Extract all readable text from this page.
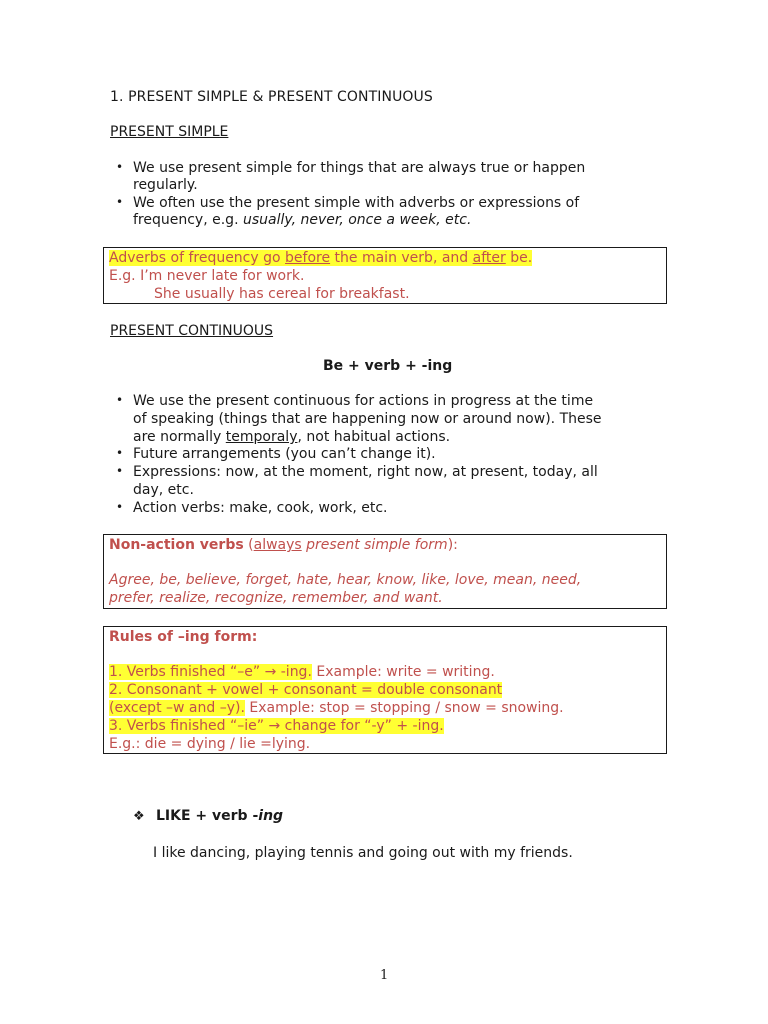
1. PRESENT SIMPLE & PRESENT CONTINUOUS
PRESENT SIMPLE
• We use present simple for things that are always true or happen
regularly.
• We often use the present simple with adverbs or expressions of
frequency, e.g. usually, never, once a week, etc.
Adverbs of frequency go before the main verb, and after be.
E.g. I’m never late for work.
She usually has cereal for breakfast.
PRESENT CONTINUOUS
Be + verb + -ing
• We use the present continuous for actions in progress at the time
of speaking (things that are happening now or around now). These
are normally temporaly, not habitual actions.
• Future arrangements (you can’t change it).
• Expressions: now, at the moment, right now, at present, today, all
day, etc.
• Action verbs: make, cook, work, etc.
Non-action verbs (always present simple form):
Agree, be, believe, forget, hate, hear, know, like, love, mean, need,
prefer, realize, recognize, remember, and want.
Rules of –ing form:
1. Verbs finished “–e” → -ing. Example: write = writing.
2. Consonant + vowel + consonant = double consonant
(except –w and –y). Example: stop = stopping / snow = snowing.
3. Verbs finished “–ie” → change for “-y” + -ing.
E.g.: die = dying / lie =lying.
❖ LIKE + verb -ing
I like dancing, playing tennis and going out with my friends.
1
